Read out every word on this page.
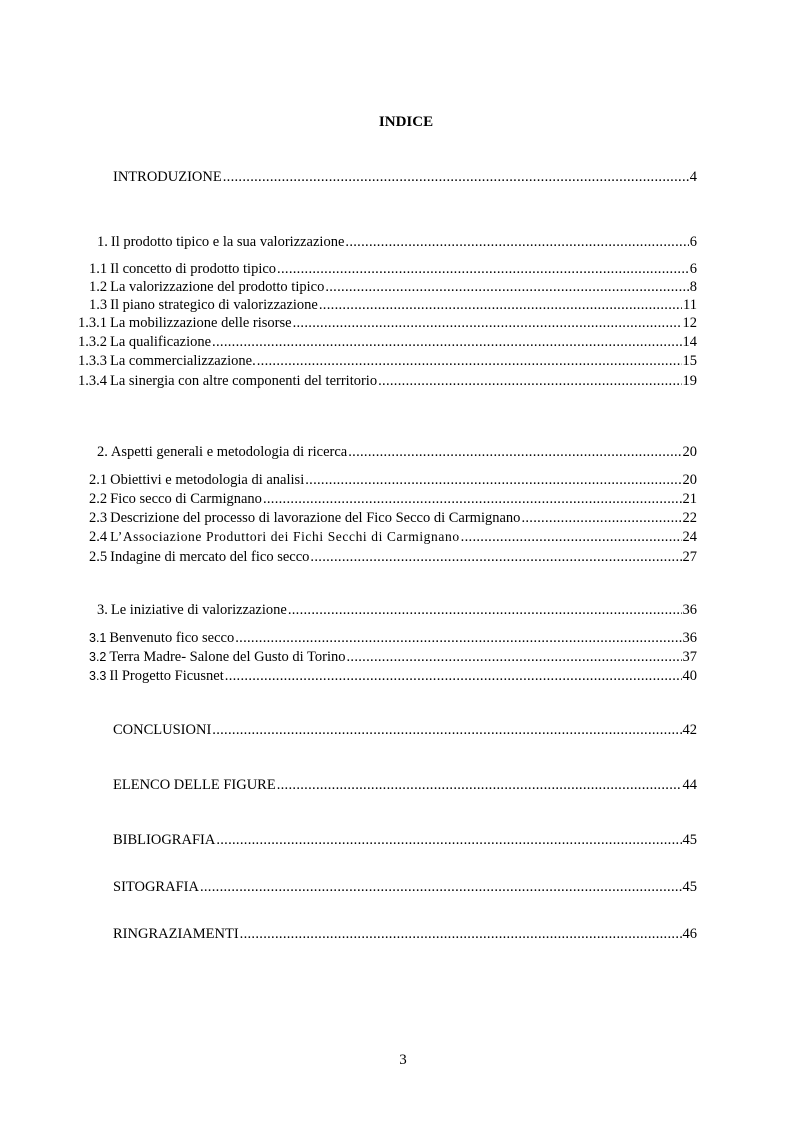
INDICE
INTRODUZIONE .....	4
1. Il prodotto tipico e la sua valorizzazione .....	6
1.1 Il concetto di prodotto tipico .....	6
1.2 La valorizzazione del prodotto tipico .....	8
1.3 Il piano strategico di valorizzazione .....	11
1.3.1 La mobilizzazione delle risorse .....	12
1.3.2 La qualificazione .....	14
1.3.3 La commercializzazione. .....	15
1.3.4 La sinergia con altre componenti del territorio .....	19
2. Aspetti generali e metodologia di ricerca .....	20
2.1 Obiettivi e metodologia di analisi .....	20
2.2 Fico secco di Carmignano .....	21
2.3 Descrizione del processo di lavorazione del Fico Secco di Carmignano .....	22
2.4 L’Associazione Produttori dei Fichi Secchi di Carmignano .....	24
2.5 Indagine di mercato del fico secco .....	27
3. Le iniziative di valorizzazione .....	36
3.1 Benvenuto fico secco .....	36
3.2 Terra Madre- Salone del Gusto di Torino .....	37
3.3 Il Progetto Ficusnet .....	40
CONCLUSIONI .....	42
ELENCO DELLE FIGURE .....	44
BIBLIOGRAFIA .....	45
SITOGRAFIA .....	45
RINGRAZIAMENTI .....	46
3
